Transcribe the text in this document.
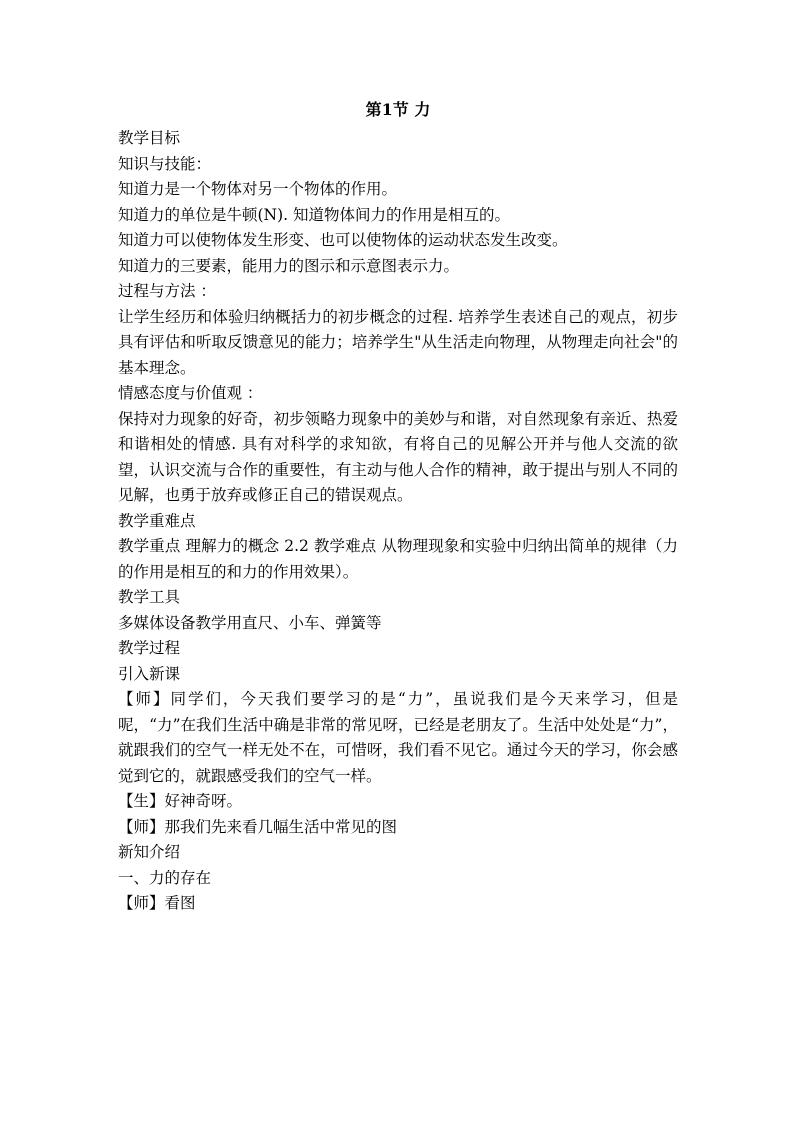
第1节 力

教学目标

知识与技能：

知道力是一个物体对另一个物体的作用。

知道力的单位是牛顿(N). 知道物体间力的作用是相互的。

知道力可以使物体发生形变、也可以使物体的运动状态发生改变。

知道力的三要素，能用力的图示和示意图表示力。

过程与方法 ：

让学生经历和体验归纳概括力的初步概念的过程. 培养学生表述自己的观点，初步具有评估和听取反馈意见的能力；培养学生"从生活走向物理，从物理走向社会"的基本理念。

情感态度与价值观 ：

保持对力现象的好奇，初步领略力现象中的美妙与和谐，对自然现象有亲近、热爱和谐相处的情感. 具有对科学的求知欲，有将自己的见解公开并与他人交流的欲望，认识交流与合作的重要性，有主动与他人合作的精神，敢于提出与别人不同的见解，也勇于放弃或修正自己的错误观点。

教学重难点

教学重点 理解力的概念 2.2 教学难点 从物理现象和实验中归纳出简单的规律（力的作用是相互的和力的作用效果）。

教学工具

多媒体设备教学用直尺、小车、弹簧等

教学过程

引入新课

【师】同学们，今天我们要学习的是“力”，虽说我们是今天来学习，但是呢，“力”在我们生活中确是非常的常见呀，已经是老朋友了。生活中处处是“力”，就跟我们的空气一样无处不在，可惜呀，我们看不见它。通过今天的学习，你会感觉到它的，就跟感受我们的空气一样。

【生】好神奇呀。

【师】那我们先来看几幅生活中常见的图

新知介绍

一、力的存在

【师】看图
